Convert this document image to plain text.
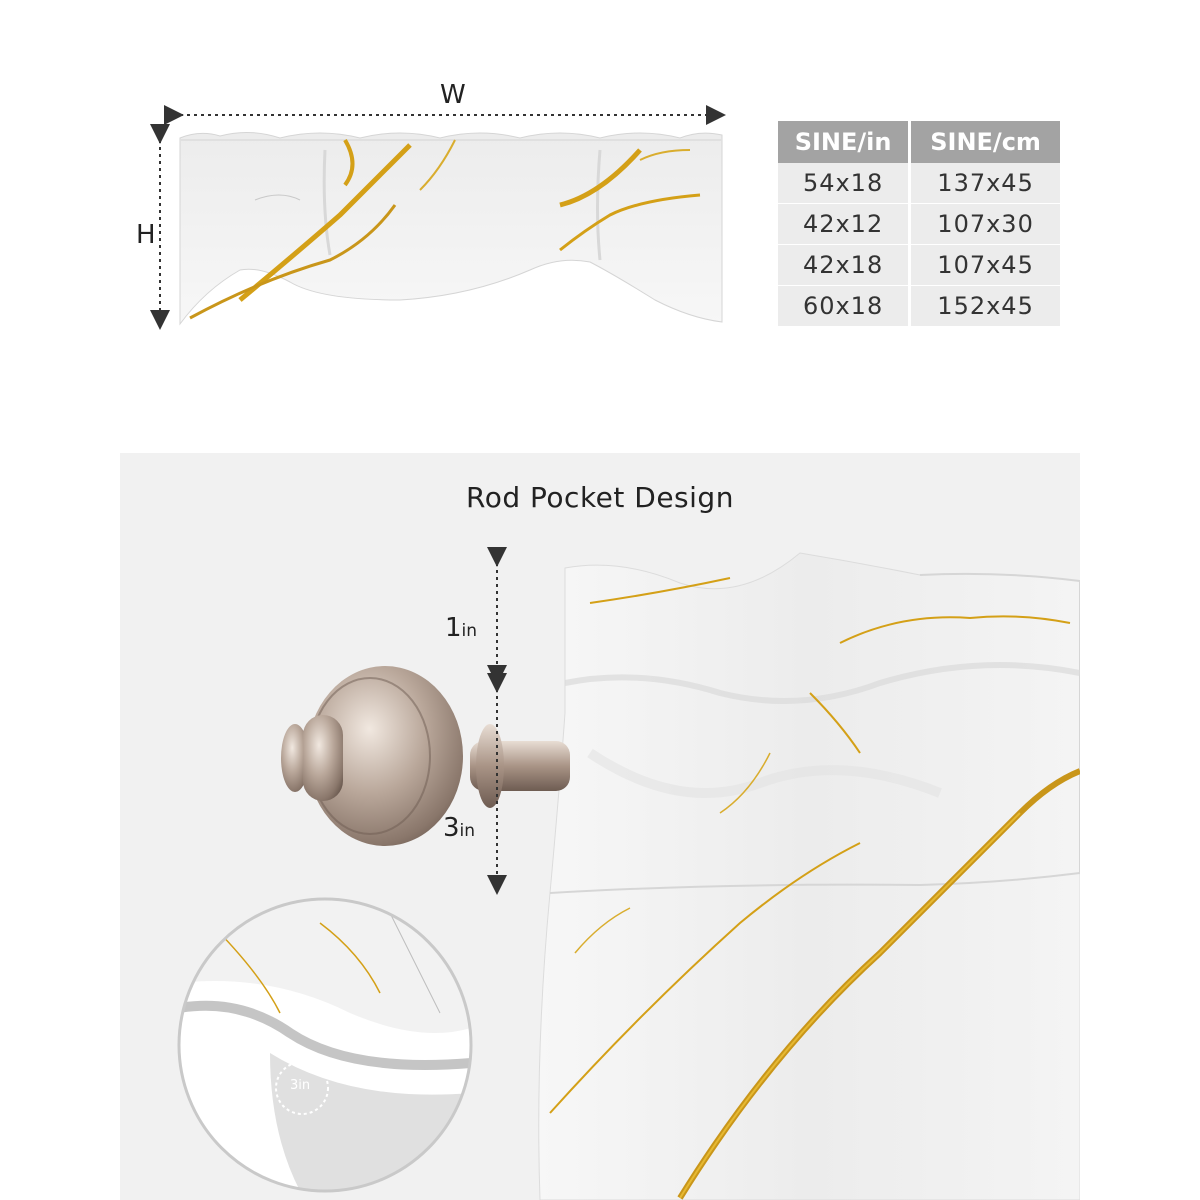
W
H
SINE/in	SINE/cm
54x18	137x45
42x12	107x30
42x18	107x45
60x18	152x45
Rod Pocket Design
1in
3in
3in
